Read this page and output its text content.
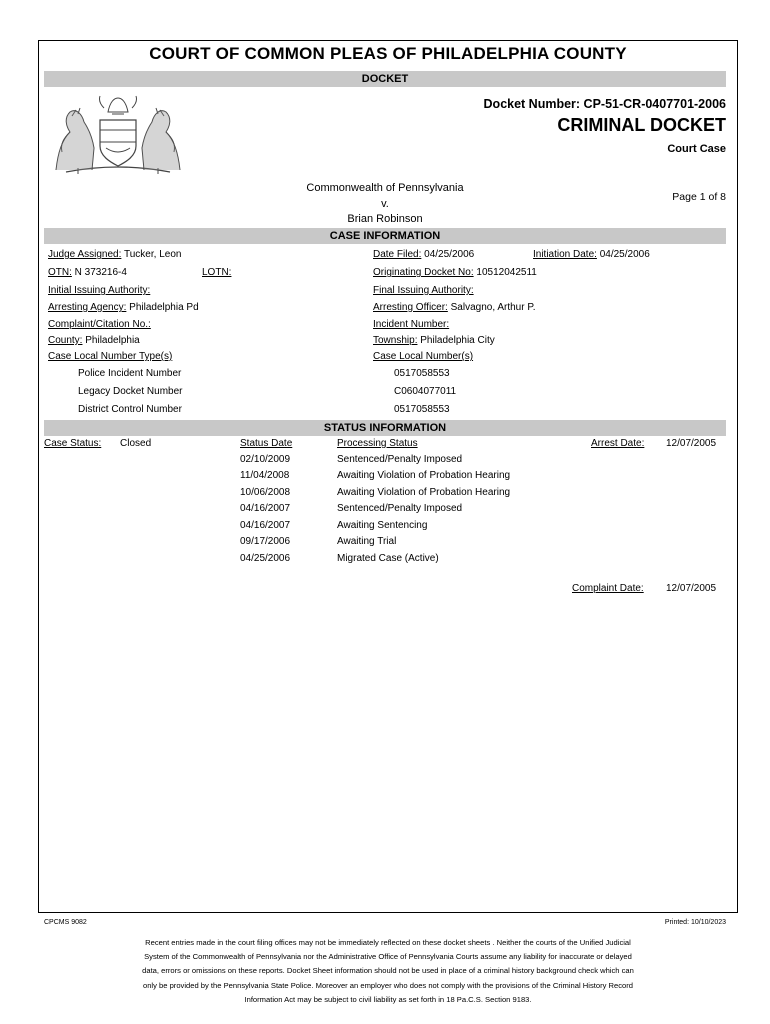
COURT OF COMMON PLEAS OF PHILADELPHIA COUNTY
DOCKET
Docket Number: CP-51-CR-0407701-2006
CRIMINAL DOCKET
Court Case
Commonwealth of Pennsylvania
v.
Brian Robinson
Page 1 of 8
CASE INFORMATION
Judge Assigned: Tucker, Leon	Date Filed: 04/25/2006	Initiation Date: 04/25/2006
OTN: N 373216-4	LOTN:	Originating Docket No: 10512042511
Initial Issuing Authority:	Final Issuing Authority:
Arresting Agency: Philadelphia Pd	Arresting Officer: Salvagno, Arthur P.
Complaint/Citation No.:	Incident Number:
County: Philadelphia	Township: Philadelphia City
Case Local Number Type(s)	Case Local Number(s)
Police Incident Number	0517058553
Legacy Docket Number	C0604077011
District Control Number	0517058553
STATUS INFORMATION
Case Status: Closed	Status Date	Processing Status	Arrest Date: 12/07/2005
02/10/2009	Sentenced/Penalty Imposed
11/04/2008	Awaiting Violation of Probation Hearing
10/06/2008	Awaiting Violation of Probation Hearing
04/16/2007	Sentenced/Penalty Imposed
04/16/2007	Awaiting Sentencing
09/17/2006	Awaiting Trial
04/25/2006	Migrated Case (Active)
Complaint Date: 12/07/2005
CPCMS 9082	Printed: 10/10/2023
Recent entries made in the court filing offices may not be immediately reflected on these docket sheets . Neither the courts of the Unified Judicial
System of the Commonwealth of Pennsylvania nor the Administrative Office of Pennsylvania Courts assume any liability for inaccurate or delayed
data, errors or omissions on these reports. Docket Sheet information should not be used in place of a criminal history background check which can
only be provided by the Pennsylvania State Police. Moreover an employer who does not comply with the provisions of the Criminal History Record
Information Act may be subject to civil liability as set forth in 18 Pa.C.S. Section 9183.
